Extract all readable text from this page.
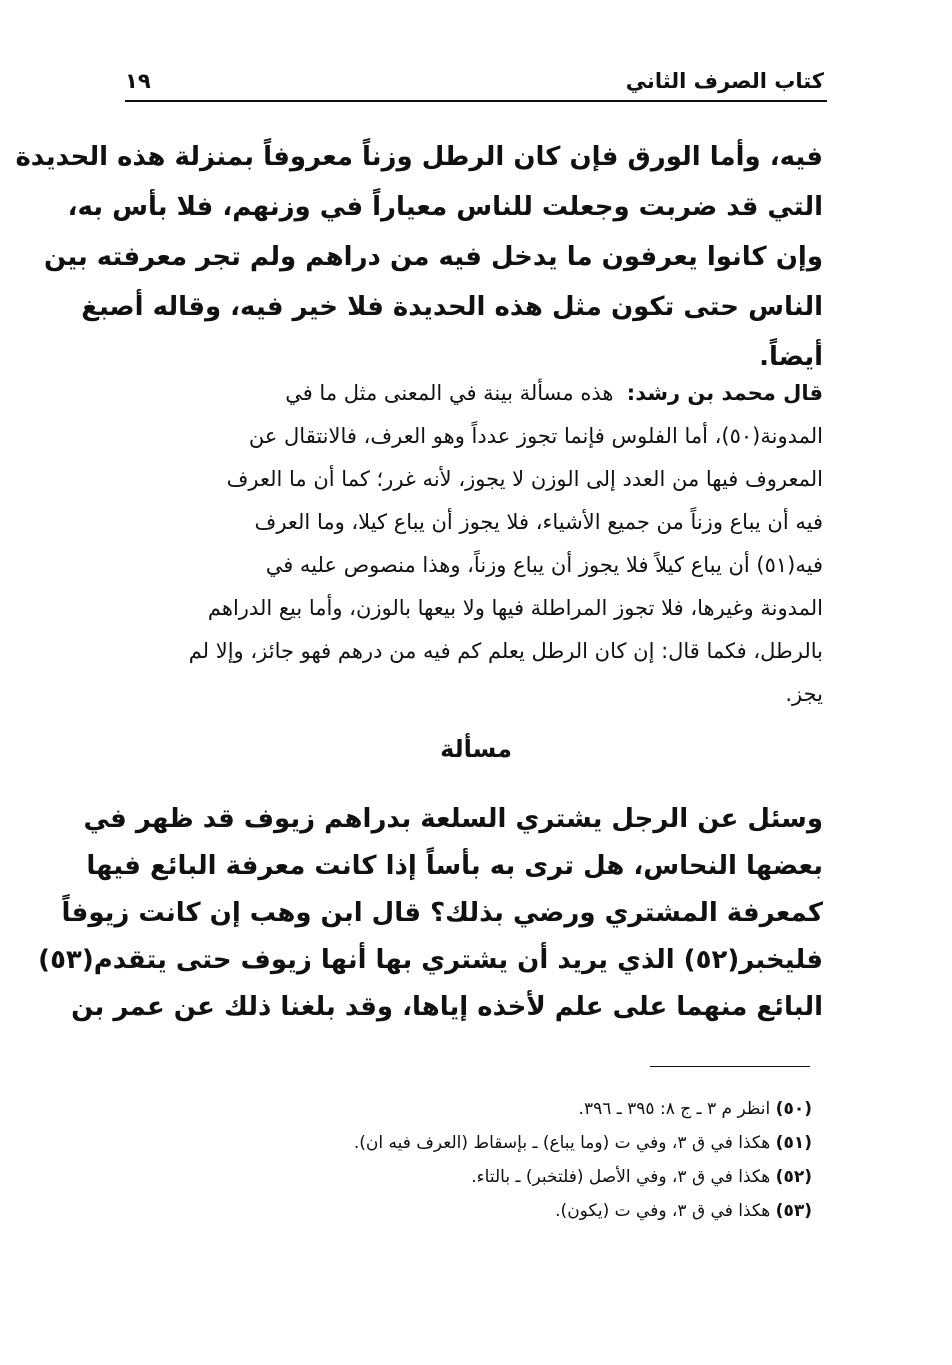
١٩	كتاب الصرف الثاني
فيه، وأما الورق فإن كان الرطل وزناً معروفاً بمنزلة هذه الحديدة
التي قد ضربت وجعلت للناس معياراً في وزنهم، فلا بأس به،
وإن كانوا يعرفون ما يدخل فيه من دراهم ولم تجر معرفته بين
الناس حتى تكون مثل هذه الحديدة فلا خير فيه، وقاله أصبغ
أيضاً.
قال محمد بن رشد:  هذه مسألة بينة في المعنى مثل ما في
المدونة(٥٠)، أما الفلوس فإنما تجوز عدداً وهو العرف، فالانتقال عن
المعروف فيها من العدد إلى الوزن لا يجوز، لأنه غرر؛ كما أن ما العرف
فيه أن يباع وزناً من جميع الأشياء، فلا يجوز أن يباع كيلا، وما العرف
فيه(٥١) أن يباع كيلاً فلا يجوز أن يباع وزناً، وهذا منصوص عليه في
المدونة وغيرها، فلا تجوز المراطلة فيها ولا بيعها بالوزن، وأما بيع الدراهم
بالرطل، فكما قال: إن كان الرطل يعلم كم فيه من درهم فهو جائز، وإلا لم
يجز.
مسألة
وسئل عن الرجل يشتري السلعة بدراهم زيوف قد ظهر في
بعضها النحاس، هل ترى به بأساً إذا كانت معرفة البائع فيها
كمعرفة المشتري ورضي بذلك؟ قال ابن وهب إن كانت زيوفاً
فليخبر(٥٢) الذي يريد أن يشتري بها أنها زيوف حتى يتقدم(٥٣)
البائع منهما على علم لأخذه إياها، وقد بلغنا ذلك عن عمر بن
(٥٠) انظر م ٣ ـ ج ٨: ٣٩٥ ـ ٣٩٦.
(٥١) هكذا في ق ٣، وفي ت (وما يباع) ـ بإسقاط (العرف فيه ان).
(٥٢) هكذا في ق ٣، وفي الأصل (فلتخبر) ـ بالتاء.
(٥٣) هكذا في ق ٣، وفي ت (يكون).
